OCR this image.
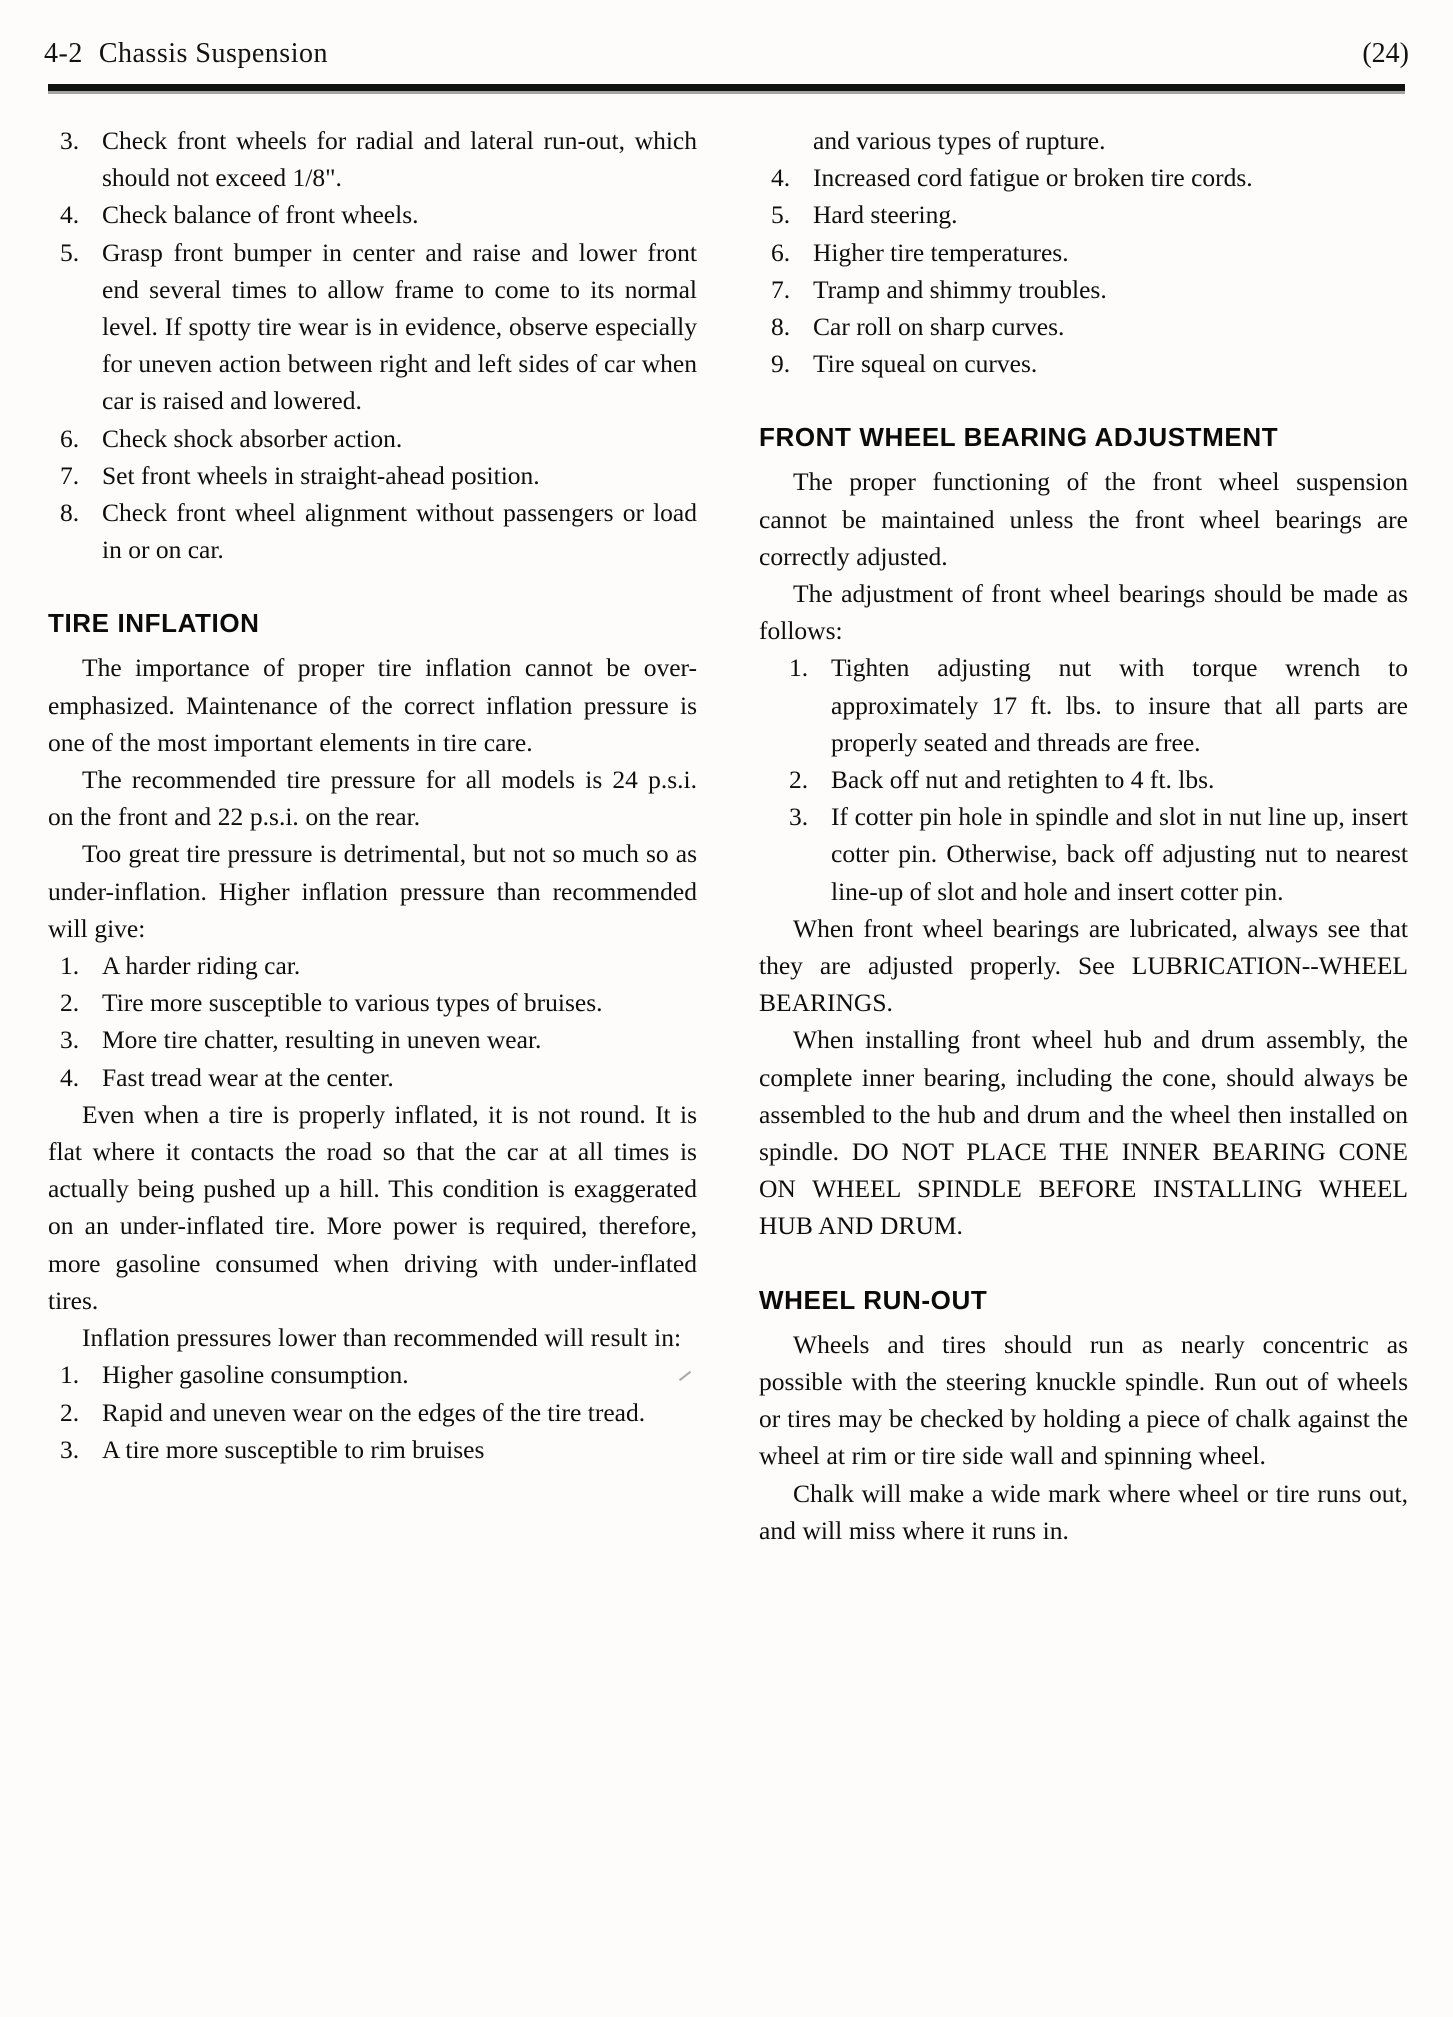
4-2 Chassis Suspension	(24)
3. Check front wheels for radial and lateral run-out, which should not exceed 1/8".
4. Check balance of front wheels.
5. Grasp front bumper in center and raise and lower front end several times to allow frame to come to its normal level. If spotty tire wear is in evidence, observe especially for uneven action between right and left sides of car when car is raised and lowered.
6. Check shock absorber action.
7. Set front wheels in straight-ahead position.
8. Check front wheel alignment without passengers or load in or on car.
TIRE INFLATION

The importance of proper tire inflation cannot be over-emphasized. Maintenance of the correct inflation pressure is one of the most important elements in tire care.

The recommended tire pressure for all models is 24 p.s.i. on the front and 22 p.s.i. on the rear.

Too great tire pressure is detrimental, but not so much so as under-inflation. Higher inflation pressure than recommended will give:

1. A harder riding car.
2. Tire more susceptible to various types of bruises.
3. More tire chatter, resulting in uneven wear.
4. Fast tread wear at the center.

Even when a tire is properly inflated, it is not round. It is flat where it contacts the road so that the car at all times is actually being pushed up a hill. This condition is exaggerated on an under-inflated tire. More power is required, therefore, more gasoline consumed when driving with under-inflated tires.

Inflation pressures lower than recommended will result in:

1. Higher gasoline consumption.
2. Rapid and uneven wear on the edges of the tire tread.
3. A tire more susceptible to rim bruises
and various types of rupture.
4. Increased cord fatigue or broken tire cords.
5. Hard steering.
6. Higher tire temperatures.
7. Tramp and shimmy troubles.
8. Car roll on sharp curves.
9. Tire squeal on curves.
FRONT WHEEL BEARING ADJUSTMENT

The proper functioning of the front wheel suspension cannot be maintained unless the front wheel bearings are correctly adjusted.

The adjustment of front wheel bearings should be made as follows:

1. Tighten adjusting nut with torque wrench to approximately 17 ft. lbs. to insure that all parts are properly seated and threads are free.
2. Back off nut and retighten to 4 ft. lbs.
3. If cotter pin hole in spindle and slot in nut line up, insert cotter pin. Otherwise, back off adjusting nut to nearest line-up of slot and hole and insert cotter pin.

When front wheel bearings are lubricated, always see that they are adjusted properly. See LUBRICATION--WHEEL BEARINGS.

When installing front wheel hub and drum assembly, the complete inner bearing, including the cone, should always be assembled to the hub and drum and the wheel then installed on spindle. DO NOT PLACE THE INNER BEARING CONE ON WHEEL SPINDLE BEFORE INSTALLING WHEEL HUB AND DRUM.

WHEEL RUN-OUT

Wheels and tires should run as nearly concentric as possible with the steering knuckle spindle. Run out of wheels or tires may be checked by holding a piece of chalk against the wheel at rim or tire side wall and spinning wheel.

Chalk will make a wide mark where wheel or tire runs out, and will miss where it runs in.
